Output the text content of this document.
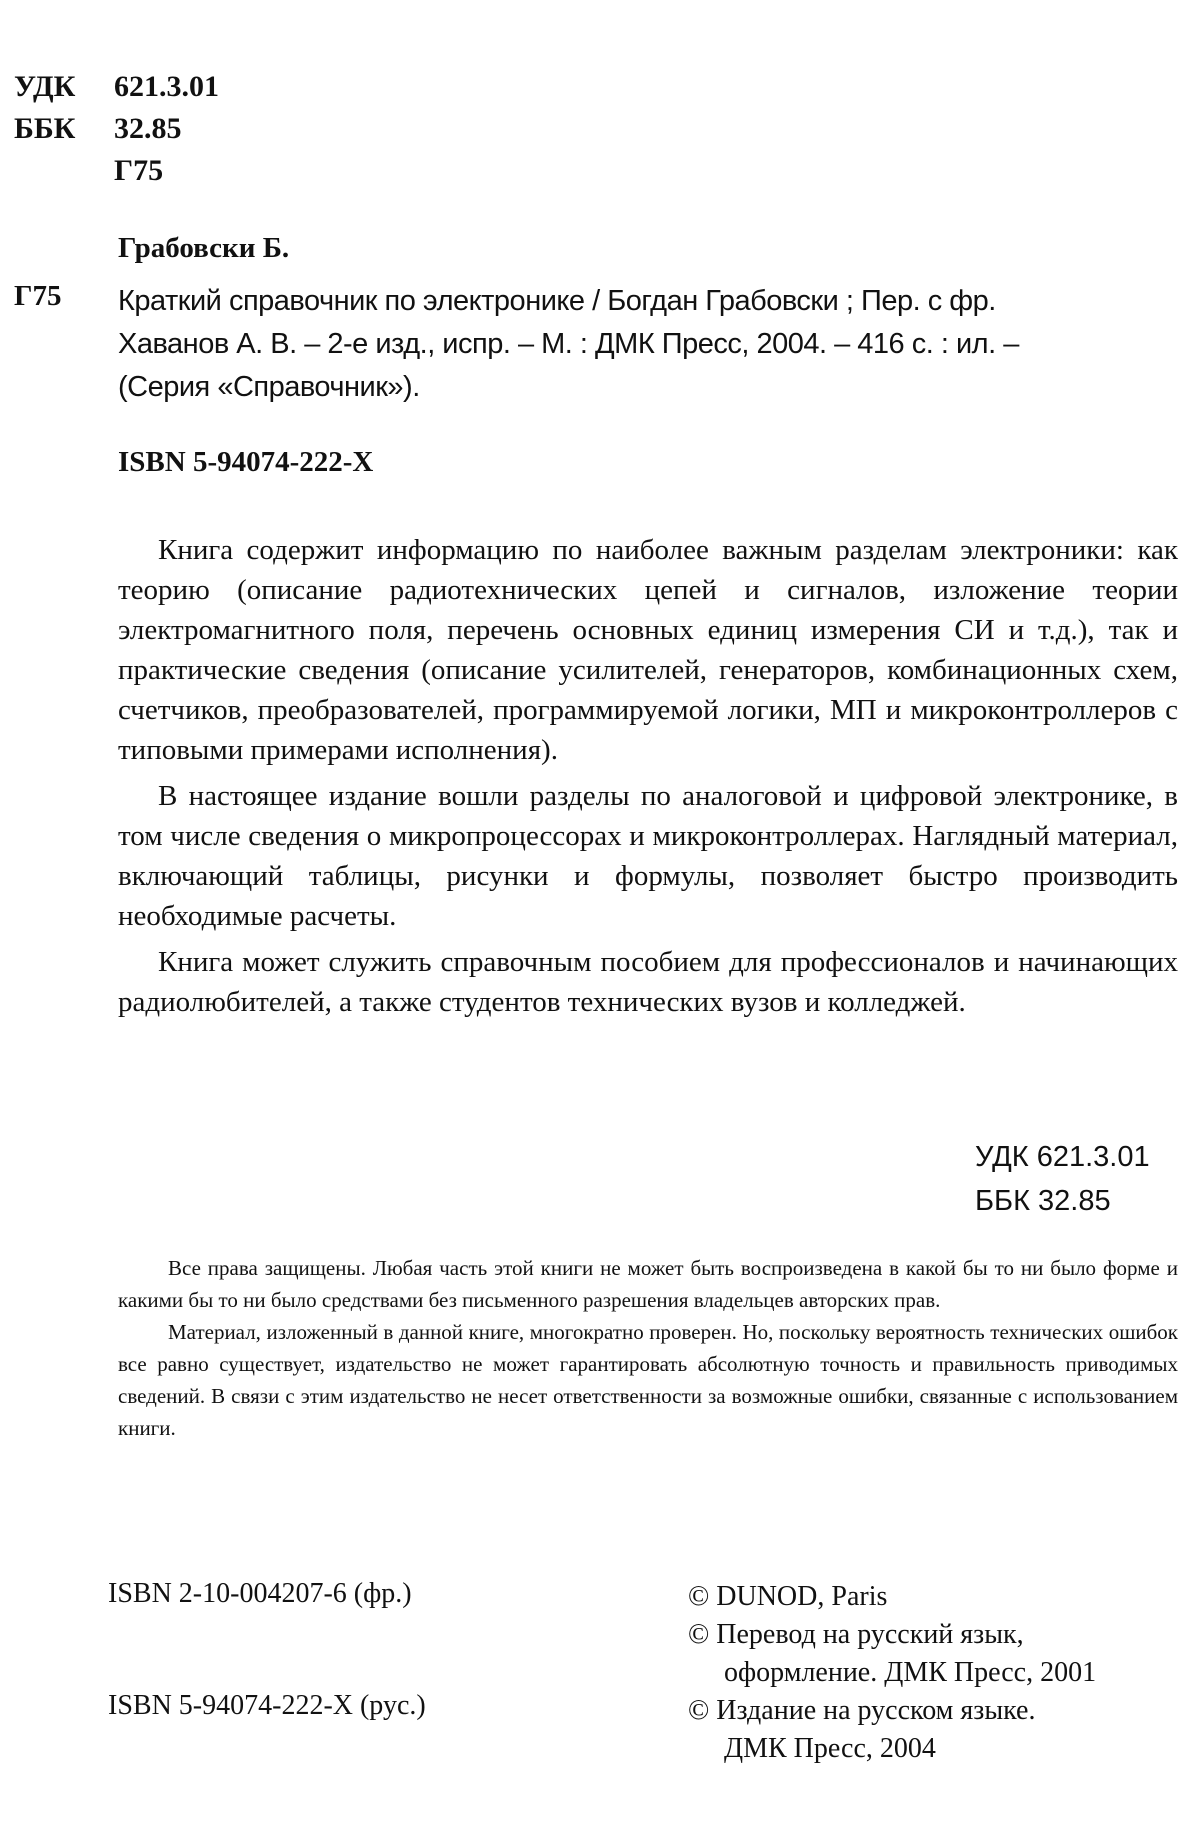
УДК	621.3.01
ББК	32.85
Г75
Грабовски Б.
Г75 Краткий справочник по электронике / Богдан Грабовски ; Пер. с фр.
Хаванов А. В. – 2-е изд., испр. – М. : ДМК Пресс, 2004. – 416 с. : ил. –
(Серия «Справочник»).
ISBN 5-94074-222-X

Книга содержит информацию по наиболее важным разделам электроники: как теорию (описание радиотехнических цепей и сигналов, изложение теории электромагнитного поля, перечень основных единиц измерения СИ и т.д.), так и практические сведения (описание усилителей, генераторов, комбинационных схем, счетчиков, преобразователей, программируемой логики, МП и микроконтроллеров с типовыми примерами исполнения).

В настоящее издание вошли разделы по аналоговой и цифровой электронике, в том числе сведения о микропроцессорах и микроконтроллерах. Наглядный материал, включающий таблицы, рисунки и формулы, позволяет быстро производить необходимые расчеты.

Книга может служить справочным пособием для профессионалов и начинающих радиолюбителей, а также студентов технических вузов и колледжей.

УДК 621.3.01
ББК 32.85

Все права защищены. Любая часть этой книги не может быть воспроизведена в какой бы то ни было форме и какими бы то ни было средствами без письменного разрешения владельцев авторских прав.

Материал, изложенный в данной книге, многократно проверен. Но, поскольку вероятность технических ошибок все равно существует, издательство не может гарантировать абсолютную точность и правильность приводимых сведений. В связи с этим издательство не несет ответственности за возможные ошибки, связанные с использованием книги.

ISBN 2-10-004207-6 (фр.)
ISBN 5-94074-222-X (рус.)
© DUNOD, Paris
© Перевод на русский язык,
оформление. ДМК Пресс, 2001
© Издание на русском языке.
ДМК Пресс, 2004
